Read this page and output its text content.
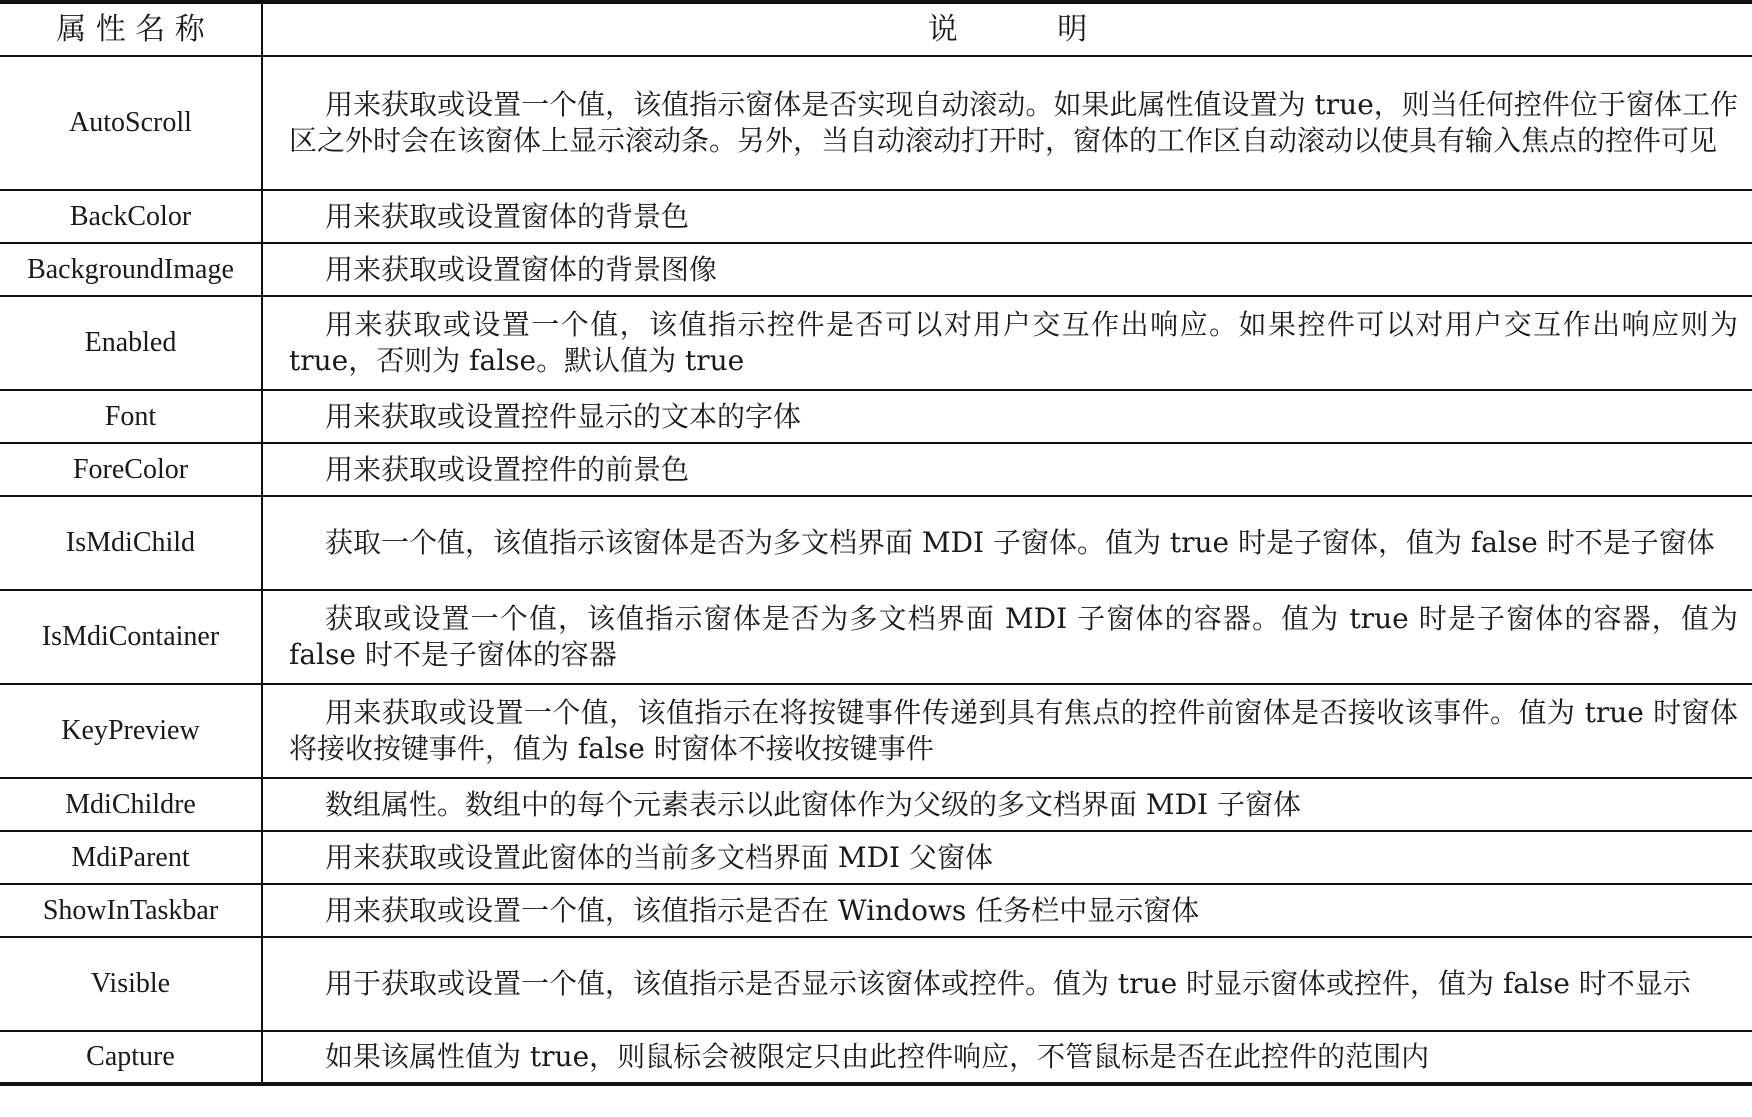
属 性 名 称	说 明
AutoScroll	用来获取或设置一个值，该值指示窗体是否实现自动滚动。如果此属性值设置为 true，则当任何控件位于窗体工作区之外时会在该窗体上显示滚动条。另外，当自动滚动打开时，窗体的工作区自动滚动以使具有输入焦点的控件可见

BackColor	用来获取或设置窗体的背景色

BackgroundImage	用来获取或设置窗体的背景图像

Enabled	用来获取或设置一个值，该值指示控件是否可以对用户交互作出响应。如果控件可以对用户交互作出响应则为 true，否则为 false。默认值为 true

Font	用来获取或设置控件显示的文本的字体

ForeColor	用来获取或设置控件的前景色

IsMdiChild	获取一个值，该值指示该窗体是否为多文档界面 MDI 子窗体。值为 true 时是子窗体，值为 false 时不是子窗体

IsMdiContainer	获取或设置一个值，该值指示窗体是否为多文档界面 MDI 子窗体的容器。值为 true 时是子窗体的容器，值为 false 时不是子窗体的容器

KeyPreview	用来获取或设置一个值，该值指示在将按键事件传递到具有焦点的控件前窗体是否接收该事件。值为 true 时窗体将接收按键事件，值为 false 时窗体不接收按键事件

MdiChildre	数组属性。数组中的每个元素表示以此窗体作为父级的多文档界面 MDI 子窗体

MdiParent	用来获取或设置此窗体的当前多文档界面 MDI 父窗体

ShowInTaskbar	用来获取或设置一个值，该值指示是否在 Windows 任务栏中显示窗体

Visible	用于获取或设置一个值，该值指示是否显示该窗体或控件。值为 true 时显示窗体或控件，值为 false 时不显示

Capture	如果该属性值为 true，则鼠标会被限定只由此控件响应，不管鼠标是否在此控件的范围内
